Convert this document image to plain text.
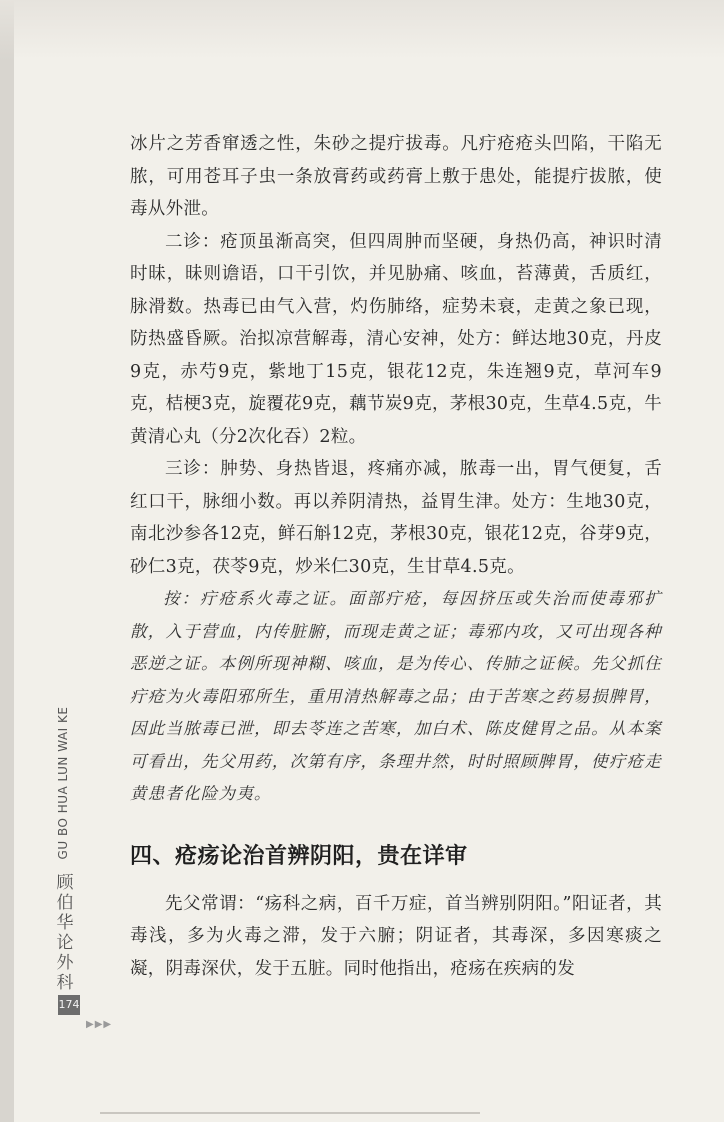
冰片之芳香窜透之性，朱砂之提疔拔毒。凡疔疮疮头凹陷，干陷无脓，可用苍耳子虫一条放膏药或药膏上敷于患处，能提疔拔脓，使毒从外泄。

二诊：疮顶虽渐高突，但四周肿而坚硬，身热仍高，神识时清时昧，昧则谵语，口干引饮，并见胁痛、咳血，苔薄黄，舌质红，脉滑数。热毒已由气入营，灼伤肺络，症势未衰，走黄之象已现，防热盛昏厥。治拟凉营解毒，清心安神，处方：鲜达地30克，丹皮9克，赤芍9克，紫地丁15克，银花12克，朱连翘9克，草河车9克，桔梗3克，旋覆花9克，藕节炭9克，茅根30克，生草4.5克，牛黄清心丸（分2次化吞）2粒。

三诊：肿势、身热皆退，疼痛亦减，脓毒一出，胃气便复，舌红口干，脉细小数。再以养阴清热，益胃生津。处方：生地30克，南北沙参各12克，鲜石斛12克，茅根30克，银花12克，谷芽9克，砂仁3克，茯苓9克，炒米仁30克，生甘草4.5克。

按：疔疮系火毒之证。面部疔疮，每因挤压或失治而使毒邪扩散，入于营血，内传脏腑，而现走黄之证；毒邪内攻，又可出现各种恶逆之证。本例所现神糊、咳血，是为传心、传肺之证候。先父抓住疔疮为火毒阳邪所生，重用清热解毒之品；由于苦寒之药易损脾胃，因此当脓毒已泄，即去苓连之苦寒，加白术、陈皮健胃之品。从本案可看出，先父用药，次第有序，条理井然，时时照顾脾胃，使疔疮走黄患者化险为夷。

四、疮疡论治首辨阴阳，贵在详审

先父常谓：“疡科之病，百千万症，首当辨别阴阳。”阳证者，其毒浅，多为火毒之滞，发于六腑；阴证者，其毒深，多因寒痰之凝，阴毒深伏，发于五脏。同时他指出，疮疡在疾病的发

GU BO HUA LUN WAI KE
顾伯华论外科
174
▶▶▶
